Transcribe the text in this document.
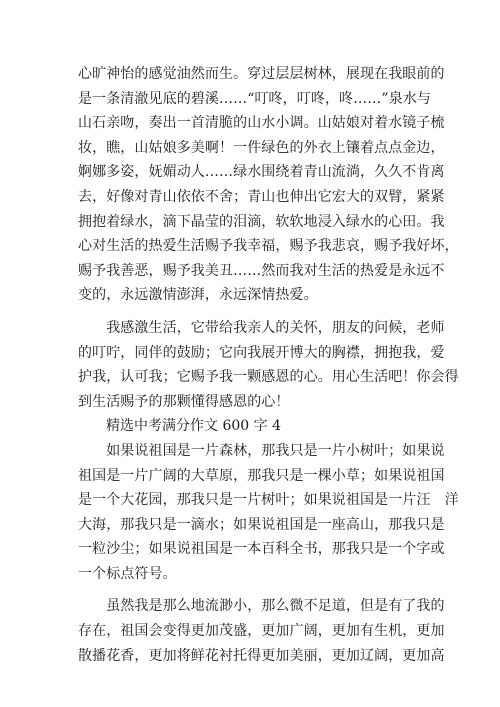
心旷神怡的感觉油然而生。穿过层层树林，展现在我眼前的
是一条清澈见底的碧溪……“叮咚，叮咚，咚……”泉水与
山石亲吻，奏出一首清脆的山水小调。山姑娘对着水镜子梳
妆，瞧，山姑娘多美啊！一件绿色的外衣上镶着点点金边，
婀娜多姿，妩媚动人……绿水围绕着青山流淌，久久不肯离
去，好像对青山依依不舍；青山也伸出它宏大的双臂，紧紧
拥抱着绿水，滴下晶莹的泪滴，软软地浸入绿水的心田。我
心对生活的热爱生活赐予我幸福，赐予我悲哀，赐予我好坏，
赐予我善恶，赐予我美丑……然而我对生活的热爱是永远不
变的，永远激情澎湃，永远深情热爱。
　　我感激生活，它带给我亲人的关怀，朋友的问候，老师
的叮咛，同伴的鼓励；它向我展开博大的胸襟，拥抱我，爱
护我，认可我；它赐予我一颗感恩的心。用心生活吧！你会得
到生活赐予的那颗懂得感恩的心！
　　精选中考满分作文 600 字 4
　　如果说祖国是一片森林，那我只是一片小树叶；如果说
祖国是一片广阔的大草原，那我只是一棵小草；如果说祖国
是一个大花园，那我只是一片树叶；如果说祖国是一片汪　洋
大海，那我只是一滴水；如果说祖国是一座高山，那我只是
一粒沙尘；如果说祖国是一本百科全书，那我只是一个字或
一个标点符号。
　　虽然我是那么地流渺小，那么微不足道，但是有了我的
存在，祖国会变得更加茂盛，更加广阔，更加有生机，更加
散播花香，更加将鲜花衬托得更加美丽，更加辽阔，更加高
